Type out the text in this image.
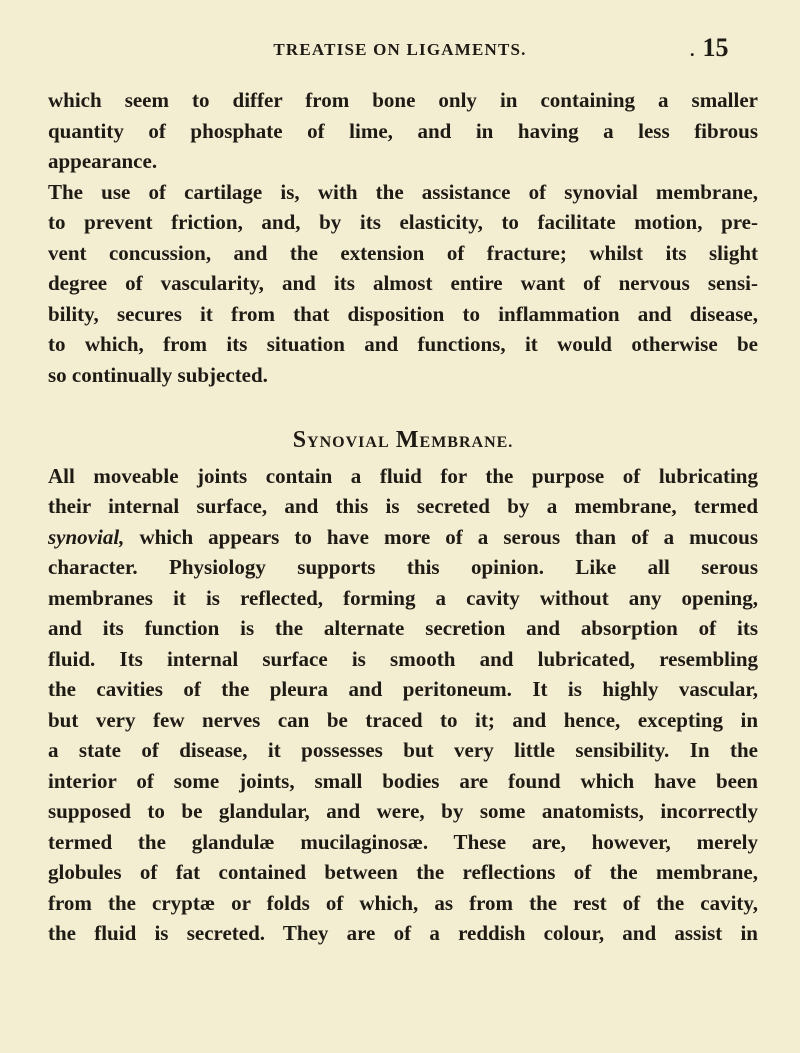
TREATISE ON LIGAMENTS.	. 15
which seem to differ from bone only in containing a smaller
quantity of phosphate of lime, and in having a less fibrous
appearance.
The use of cartilage is, with the assistance of synovial membrane,
to prevent friction, and, by its elasticity, to facilitate motion, pre-
vent concussion, and the extension of fracture; whilst its slight
degree of vascularity, and its almost entire want of nervous sensi-
bility, secures it from that disposition to inflammation and disease,
to which, from its situation and functions, it would otherwise be
so continually subjected.
SYNOVIAL MEMBRANE.
All moveable joints contain a fluid for the purpose of lubricating
their internal surface, and this is secreted by a membrane, termed
synovial, which appears to have more of a serous than of a mucous
character. Physiology supports this opinion. Like all serous
membranes it is reflected, forming a cavity without any opening,
and its function is the alternate secretion and absorption of its
fluid. Its internal surface is smooth and lubricated, resembling
the cavities of the pleura and peritoneum. It is highly vascular,
but very few nerves can be traced to it; and hence, excepting in
a state of disease, it possesses but very little sensibility. In the
interior of some joints, small bodies are found which have been
supposed to be glandular, and were, by some anatomists, incorrectly
termed the glandulæ mucilaginosæ. These are, however, merely
globules of fat contained between the reflections of the membrane,
from the cryptæ or folds of which, as from the rest of the cavity,
the fluid is secreted. They are of a reddish colour, and assist in
